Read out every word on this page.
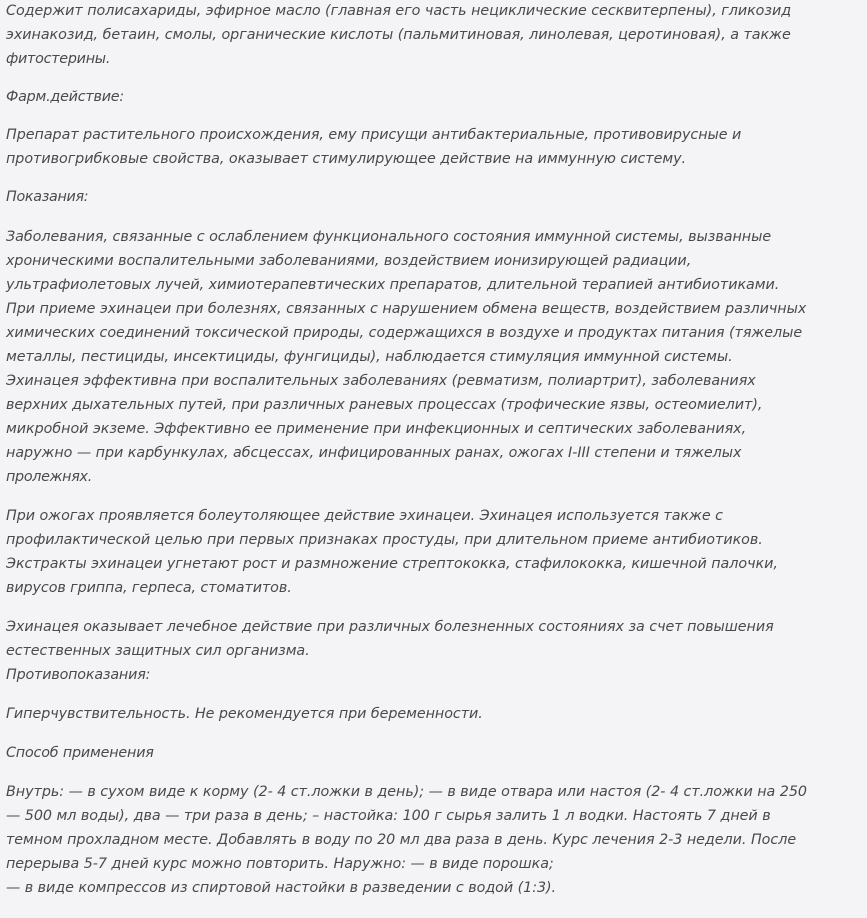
Содержит полисахариды, эфирное масло (главная его часть нециклические сесквитерпены), гликозид
эхинакозид, бетаин, смолы, органические кислоты (пальмитиновая, линолевая, церотиновая), а также
фитостерины.

Фарм.действие:

Препарат растительного происхождения, ему присущи антибактериальные, противовирусные и
противогрибковые свойства, оказывает стимулирующее действие на иммунную систему.

Показания:

Заболевания, связанные с ослаблением функционального состояния иммунной системы, вызванные
хроническими воспалительными заболеваниями, воздействием ионизирующей радиации,
ультрафиолетовых лучей, химиотерапевтических препаратов, длительной терапией антибиотиками.
При приеме эхинацеи при болезнях, связанных с нарушением обмена веществ, воздействием различных
химических соединений токсической природы, содержащихся в воздухе и продуктах питания (тяжелые
металлы, пестициды, инсектициды, фунгициды), наблюдается стимуляция иммунной системы.
Эхинацея эффективна при воспалительных заболеваниях (ревматизм, полиартрит), заболеваниях
верхних дыхательных путей, при различных раневых процессах (трофические язвы, остеомиелит),
микробной экземе. Эффективно ее применение при инфекционных и септических заболеваниях,
наружно — при карбункулах, абсцессах, инфицированных ранах, ожогах I-III степени и тяжелых
пролежнях.

При ожогах проявляется болеутоляющее действие эхинацеи. Эхинацея используется также с
профилактической целью при первых признаках простуды, при длительном приеме антибиотиков.
Экстракты эхинацеи угнетают рост и размножение стрептококка, стафилококка, кишечной палочки,
вирусов гриппа, герпеса, стоматитов.

Эхинацея оказывает лечебное действие при различных болезненных состояниях за счет повышения
естественных защитных сил организма.
Противопоказания:

Гиперчувствительность. Не рекомендуется при беременности.

Способ применения

Внутрь: — в сухом виде к корму (2- 4 ст.ложки в день); — в виде отвара или настоя (2- 4 ст.ложки на 250
— 500 мл воды), два — три раза в день; – настойка: 100 г сырья залить 1 л водки. Настоять 7 дней в
темном прохладном месте. Добавлять в воду по 20 мл два раза в день. Курс лечения 2-3 недели. После
перерыва 5-7 дней курс можно повторить. Наружно: — в виде порошка;
— в виде компрессов из спиртовой настойки в разведении с водой (1:3).
